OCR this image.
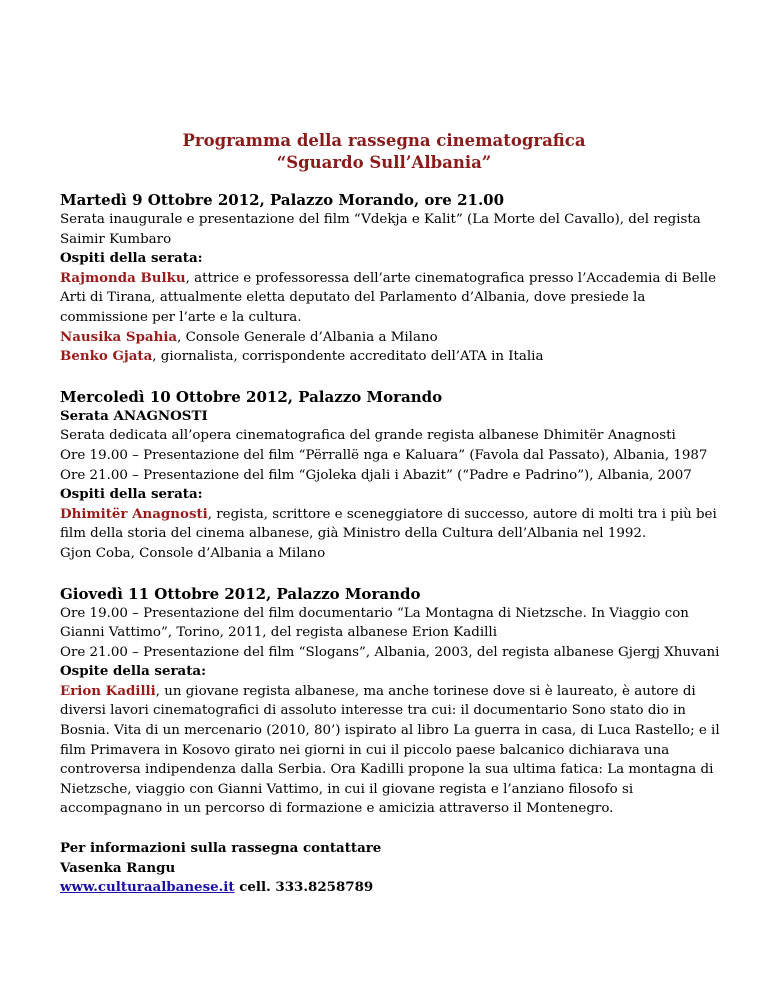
Programma della rassegna cinematografica
“Sguardo Sull’Albania”

Martedì 9 Ottobre 2012, Palazzo Morando, ore 21.00

Serata inaugurale e presentazione del film “Vdekja e Kalit” (La Morte del Cavallo), del regista Saimir Kumbaro

Ospiti della serata:

Rajmonda Bulku, attrice e professoressa dell’arte cinematografica presso l’Accademia di Belle Arti di Tirana, attualmente eletta deputato del Parlamento d’Albania, dove presiede la commissione per l’arte e la cultura.

Nausika Spahia, Console Generale d’Albania a Milano

Benko Gjata, giornalista, corrispondente accreditato dell’ATA in Italia

Mercoledì 10 Ottobre 2012, Palazzo Morando

Serata ANAGNOSTI

Serata dedicata all’opera cinematografica del grande regista albanese Dhimitër Anagnosti

Ore 19.00 – Presentazione del film “Përrallë nga e Kaluara” (Favola dal Passato), Albania, 1987

Ore 21.00 – Presentazione del film “Gjoleka djali i Abazit” (“Padre e Padrino”), Albania, 2007

Ospiti della serata:

Dhimitër Anagnosti, regista, scrittore e sceneggiatore di successo, autore di molti tra i più bei film della storia del cinema albanese, già Ministro della Cultura dell’Albania nel 1992.

Gjon Coba, Console d’Albania a Milano

Giovedì 11 Ottobre 2012, Palazzo Morando

Ore 19.00 – Presentazione del film documentario “La Montagna di Nietzsche. In Viaggio con Gianni Vattimo”, Torino, 2011, del regista albanese Erion Kadilli

Ore 21.00 – Presentazione del film “Slogans”, Albania, 2003, del regista albanese Gjergj Xhuvani

Ospite della serata:

Erion Kadilli, un giovane regista albanese, ma anche torinese dove si è laureato, è autore di diversi lavori cinematografici di assoluto interesse tra cui: il documentario Sono stato dio in Bosnia. Vita di un mercenario (2010, 80’) ispirato al libro La guerra in casa, di Luca Rastello; e il film Primavera in Kosovo girato nei giorni in cui il piccolo paese balcanico dichiarava una controversa indipendenza dalla Serbia. Ora Kadilli propone la sua ultima fatica: La montagna di Nietzsche, viaggio con Gianni Vattimo, in cui il giovane regista e l’anziano filosofo si accompagnano in un percorso di formazione e amicizia attraverso il Montenegro.

Per informazioni sulla rassegna contattare

Vasenka Rangu

www.culturaalbanese.it cell. 333.8258789
